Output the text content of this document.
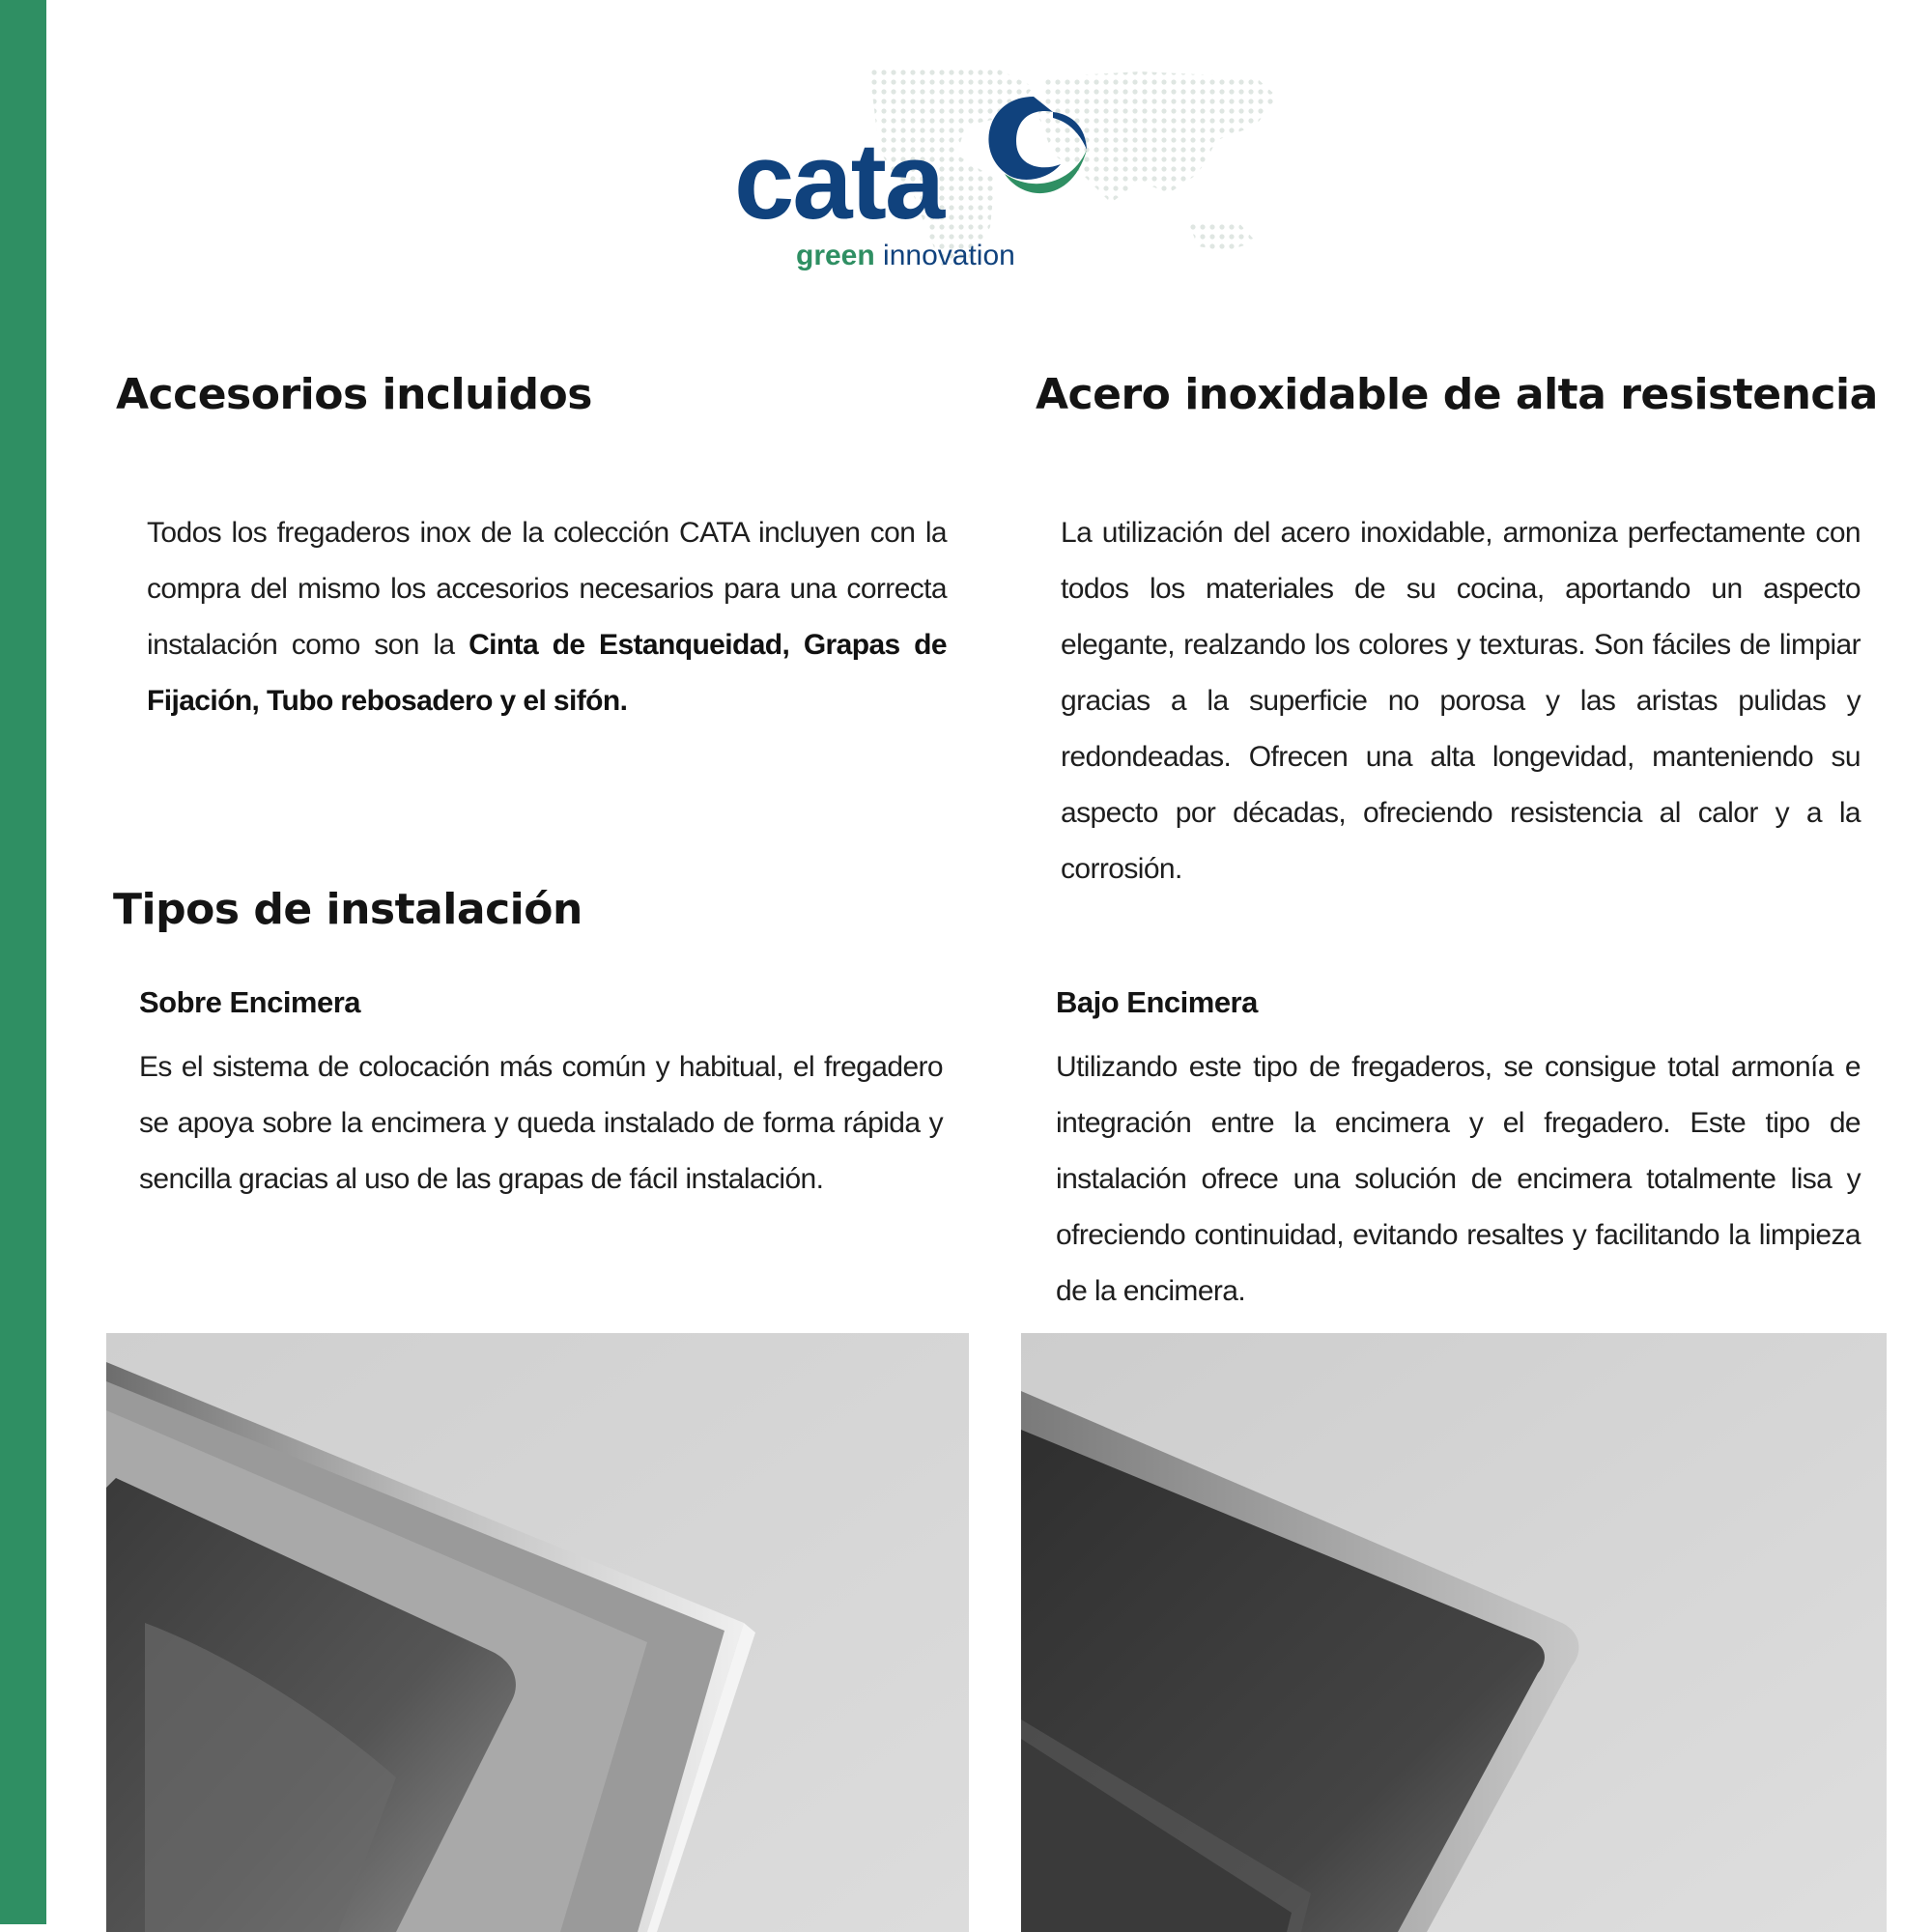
cata
green innovation
Accesorios incluidos

Todos los fregaderos inox de la colección CATA incluyen con la compra del mismo los accesorios necesarios para una correcta instalación como son la Cinta de Estanqueidad, Grapas de Fijación, Tubo rebosadero y el sifón.

Acero inoxidable de alta resistencia

La utilización del acero inoxidable, armoniza perfectamente con todos los materiales de su cocina, aportando un aspecto elegante, realzando los colores y texturas. Son fáciles de limpiar gracias a la superficie no porosa y las aristas pulidas y redondeadas. Ofrecen una alta longevidad, manteniendo su aspecto por décadas, ofreciendo resistencia al calor y a la corrosión.

Tipos de instalación
Sobre Encimera

Es el sistema de colocación más común y habitual, el fregadero se apoya sobre la encimera y queda instalado de forma rápida y sencilla gracias al uso de las grapas de fácil instalación.

Bajo Encimera

Utilizando este tipo de fregaderos, se consigue total armonía e integración entre la encimera y el fregadero. Este tipo de instalación ofrece una solución de encimera totalmente lisa y ofreciendo continuidad, evitando resaltes y facilitando la limpieza de la encimera.
